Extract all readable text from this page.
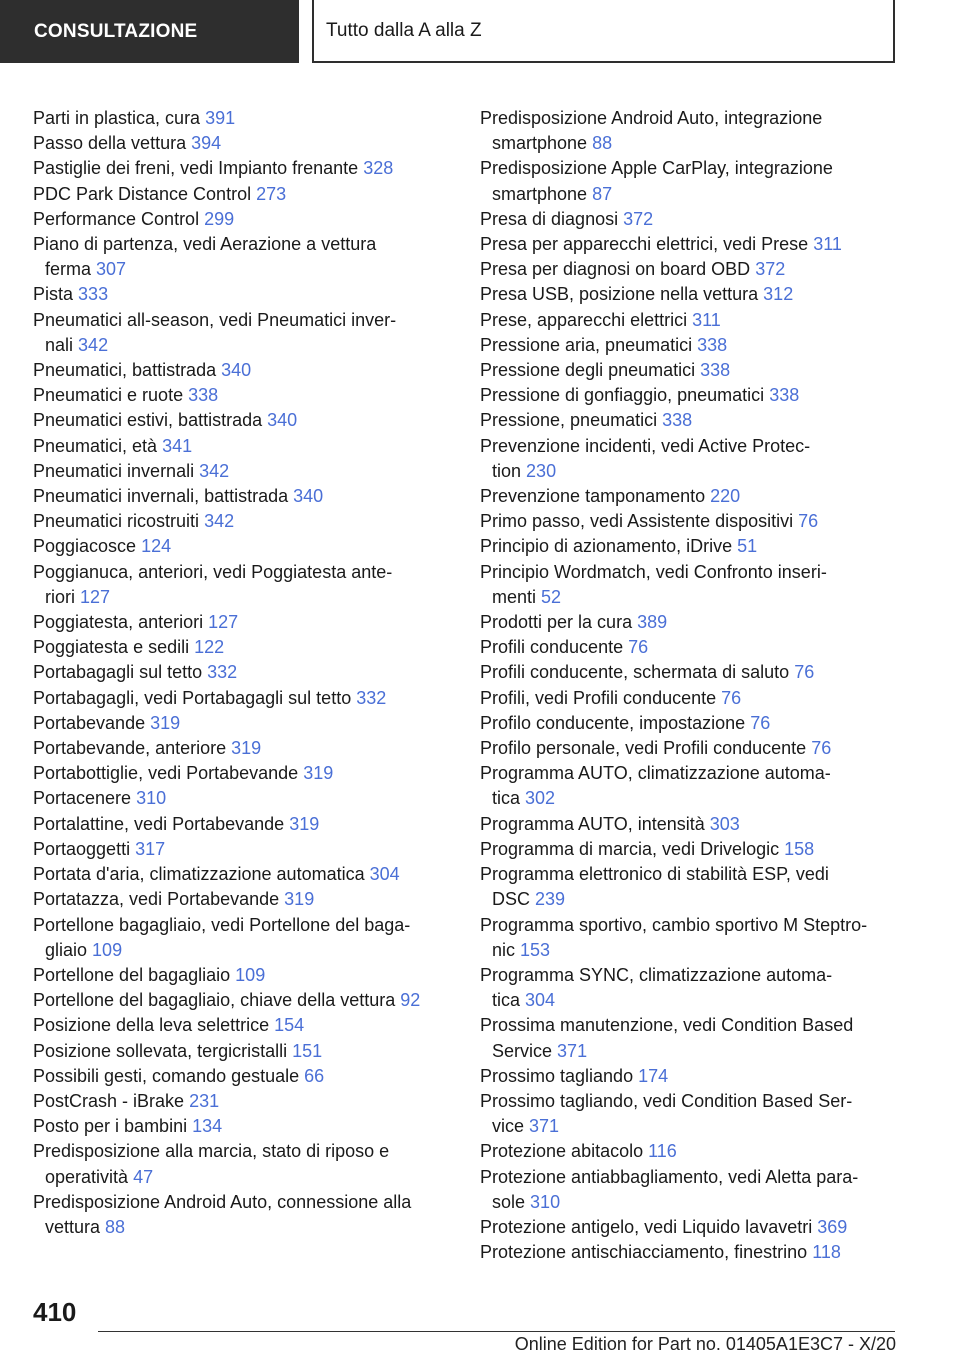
CONSULTAZIONE	Tutto dalla A alla Z
Parti in plastica, cura 391
Passo della vettura 394
Pastiglie dei freni, vedi Impianto frenante 328
PDC Park Distance Control 273
Performance Control 299
Piano di partenza, vedi Aerazione a vettura
ferma 307
Pista 333
Pneumatici all-season, vedi Pneumatici inver-
nali 342
Pneumatici, battistrada 340
Pneumatici e ruote 338
Pneumatici estivi, battistrada 340
Pneumatici, età 341
Pneumatici invernali 342
Pneumatici invernali, battistrada 340
Pneumatici ricostruiti 342
Poggiacosce 124
Poggianuca, anteriori, vedi Poggiatesta ante-
riori 127
Poggiatesta, anteriori 127
Poggiatesta e sedili 122
Portabagagli sul tetto 332
Portabagagli, vedi Portabagagli sul tetto 332
Portabevande 319
Portabevande, anteriore 319
Portabottiglie, vedi Portabevande 319
Portacenere 310
Portalattine, vedi Portabevande 319
Portaoggetti 317
Portata d'aria, climatizzazione automatica 304
Portatazza, vedi Portabevande 319
Portellone bagagliaio, vedi Portellone del baga-
gliaio 109
Portellone del bagagliaio 109
Portellone del bagagliaio, chiave della vettura 92
Posizione della leva selettrice 154
Posizione sollevata, tergicristalli 151
Possibili gesti, comando gestuale 66
PostCrash - iBrake 231
Posto per i bambini 134
Predisposizione alla marcia, stato di riposo e
operatività 47
Predisposizione Android Auto, connessione alla
vettura 88
Predisposizione Android Auto, integrazione
smartphone 88
Predisposizione Apple CarPlay, integrazione
smartphone 87
Presa di diagnosi 372
Presa per apparecchi elettrici, vedi Prese 311
Presa per diagnosi on board OBD 372
Presa USB, posizione nella vettura 312
Prese, apparecchi elettrici 311
Pressione aria, pneumatici 338
Pressione degli pneumatici 338
Pressione di gonfiaggio, pneumatici 338
Pressione, pneumatici 338
Prevenzione incidenti, vedi Active Protec-
tion 230
Prevenzione tamponamento 220
Primo passo, vedi Assistente dispositivi 76
Principio di azionamento, iDrive 51
Principio Wordmatch, vedi Confronto inseri-
menti 52
Prodotti per la cura 389
Profili conducente 76
Profili conducente, schermata di saluto 76
Profili, vedi Profili conducente 76
Profilo conducente, impostazione 76
Profilo personale, vedi Profili conducente 76
Programma AUTO, climatizzazione automa-
tica 302
Programma AUTO, intensità 303
Programma di marcia, vedi Drivelogic 158
Programma elettronico di stabilità ESP, vedi
DSC 239
Programma sportivo, cambio sportivo M Steptro-
nic 153
Programma SYNC, climatizzazione automa-
tica 304
Prossima manutenzione, vedi Condition Based
Service 371
Prossimo tagliando 174
Prossimo tagliando, vedi Condition Based Ser-
vice 371
Protezione abitacolo 116
Protezione antiabbagliamento, vedi Aletta para-
sole 310
Protezione antigelo, vedi Liquido lavavetri 369
Protezione antischiacciamento, finestrino 118
410
Online Edition for Part no. 01405A1E3C7 - X/20
